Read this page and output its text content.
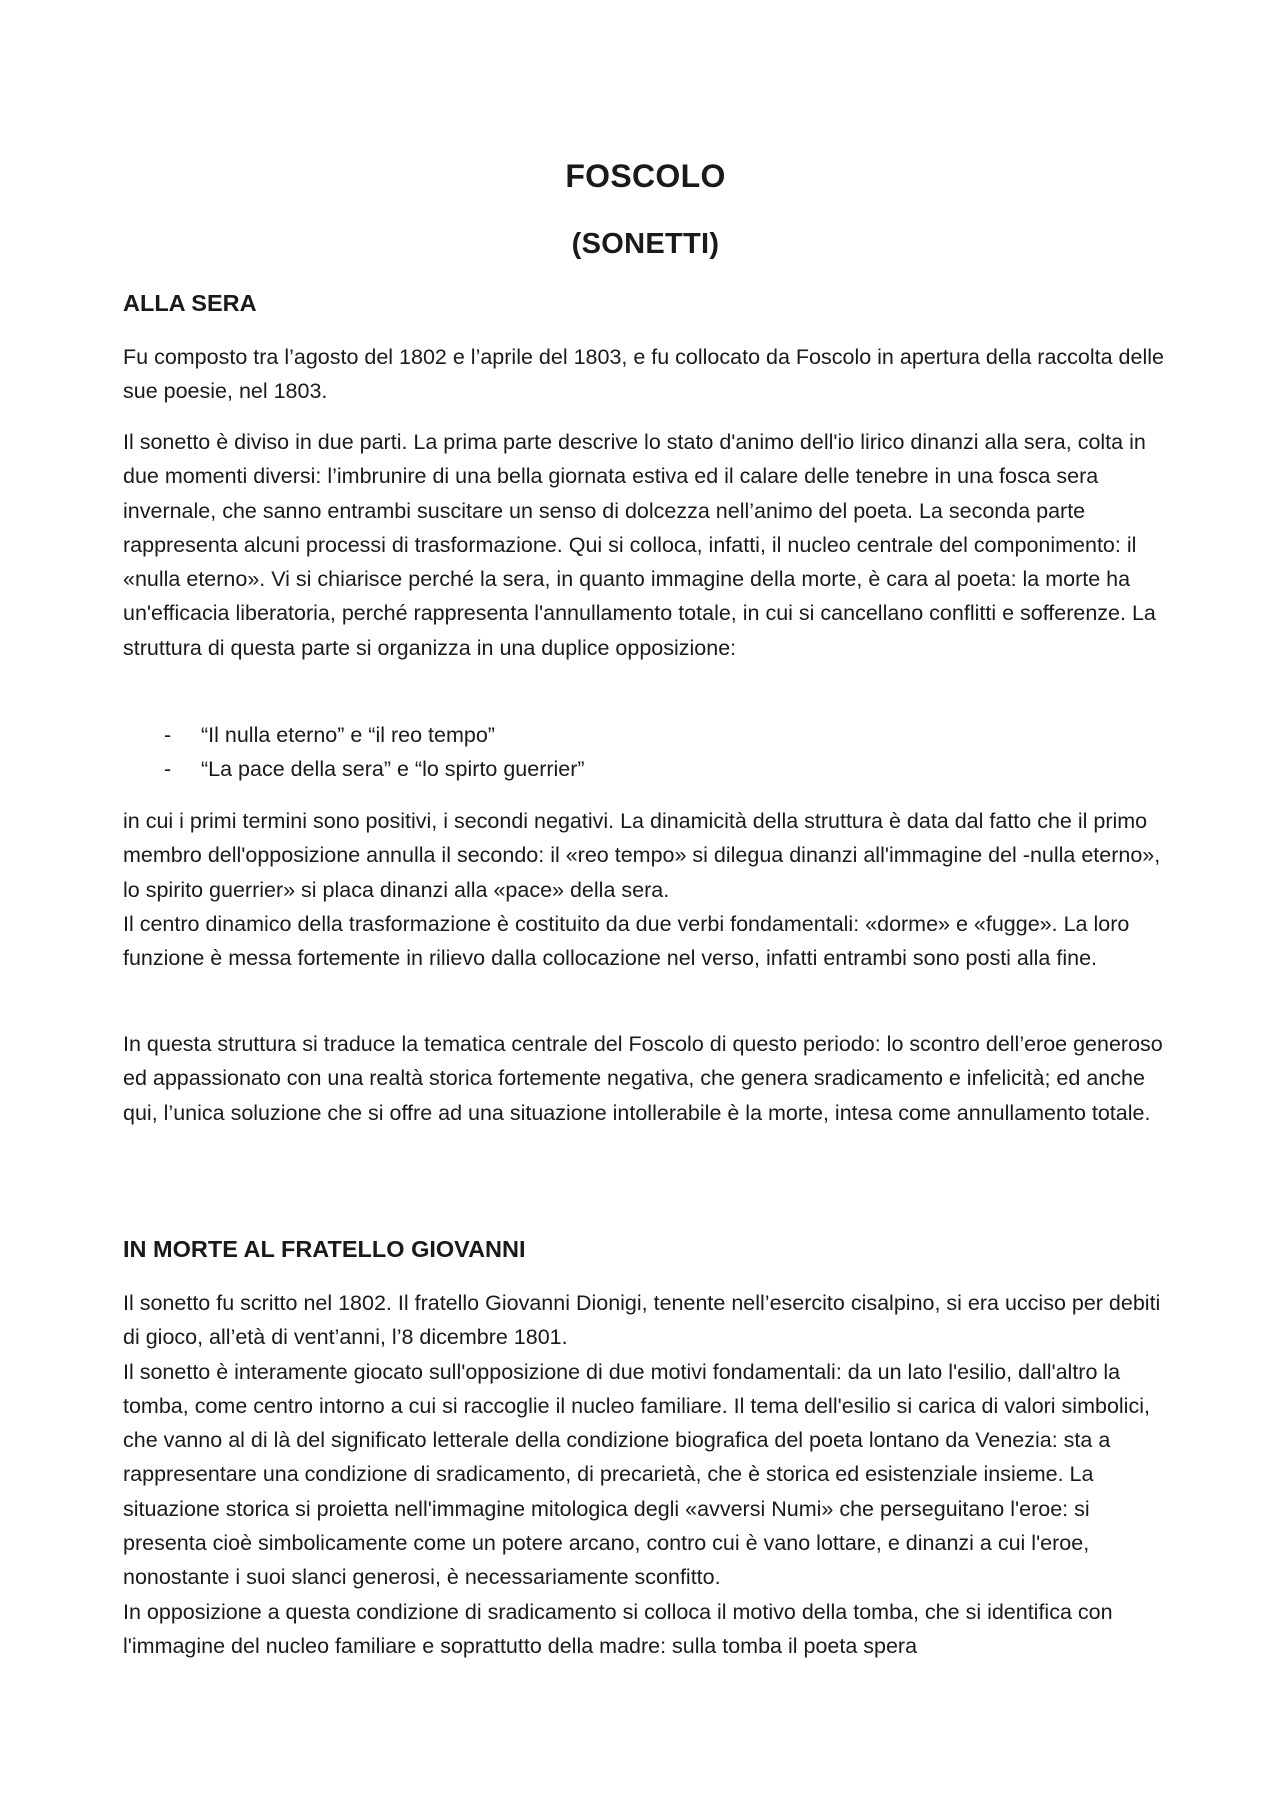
FOSCOLO
(SONETTI)
ALLA SERA

Fu composto tra l’agosto del 1802 e l’aprile del 1803, e fu collocato da Foscolo in apertura della raccolta delle sue poesie, nel 1803.

Il sonetto è diviso in due parti. La prima parte descrive lo stato d'animo dell'io lirico dinanzi alla sera, colta in due momenti diversi: l’imbrunire di una bella giornata estiva ed il calare delle tenebre in una fosca sera invernale, che sanno entrambi suscitare un senso di dolcezza nell’animo del poeta. La seconda parte rappresenta alcuni processi di trasformazione. Qui si colloca, infatti, il nucleo centrale del componimento: il «nulla eterno». Vi si chiarisce perché la sera, in quanto immagine della morte, è cara al poeta: la morte ha un'efficacia liberatoria, perché rappresenta l'annullamento totale, in cui si cancellano conflitti e sofferenze. La struttura di questa parte si organizza in una duplice opposizione:

- “Il nulla eterno” e “il reo tempo”
- “La pace della sera” e “lo spirto guerrier”

in cui i primi termini sono positivi, i secondi negativi. La dinamicità della struttura è data dal fatto che il primo membro dell'opposizione annulla il secondo: il «reo tempo» si dilegua dinanzi all'immagine del -nulla eterno», lo spirito guerrier» si placa dinanzi alla «pace» della sera.

Il centro dinamico della trasformazione è costituito da due verbi fondamentali: «dorme» e «fugge». La loro funzione è messa fortemente in rilievo dalla collocazione nel verso, infatti entrambi sono posti alla fine.

In questa struttura si traduce la tematica centrale del Foscolo di questo periodo: lo scontro dell’eroe generoso ed appassionato con una realtà storica fortemente negativa, che genera sradicamento e infelicità; ed anche qui, l’unica soluzione che si offre ad una situazione intollerabile è la morte, intesa come annullamento totale.

IN MORTE AL FRATELLO GIOVANNI

Il sonetto fu scritto nel 1802. Il fratello Giovanni Dionigi, tenente nell’esercito cisalpino, si era ucciso per debiti di gioco, all’età di vent’anni, l’8 dicembre 1801.

Il sonetto è interamente giocato sull'opposizione di due motivi fondamentali: da un lato l'esilio, dall'altro la tomba, come centro intorno a cui si raccoglie il nucleo familiare. Il tema dell'esilio si carica di valori simbolici, che vanno al di là del significato letterale della condizione biografica del poeta lontano da Venezia: sta a rappresentare una condizione di sradicamento, di precarietà, che è storica ed esistenziale insieme. La situazione storica si proietta nell'immagine mitologica degli «avversi Numi» che perseguitano l'eroe: si presenta cioè simbolicamente come un potere arcano, contro cui è vano lottare, e dinanzi a cui l'eroe, nonostante i suoi slanci generosi, è necessariamente sconfitto.

In opposizione a questa condizione di sradicamento si colloca il motivo della tomba, che si identifica con l'immagine del nucleo familiare e soprattutto della madre: sulla tomba il poeta spera
